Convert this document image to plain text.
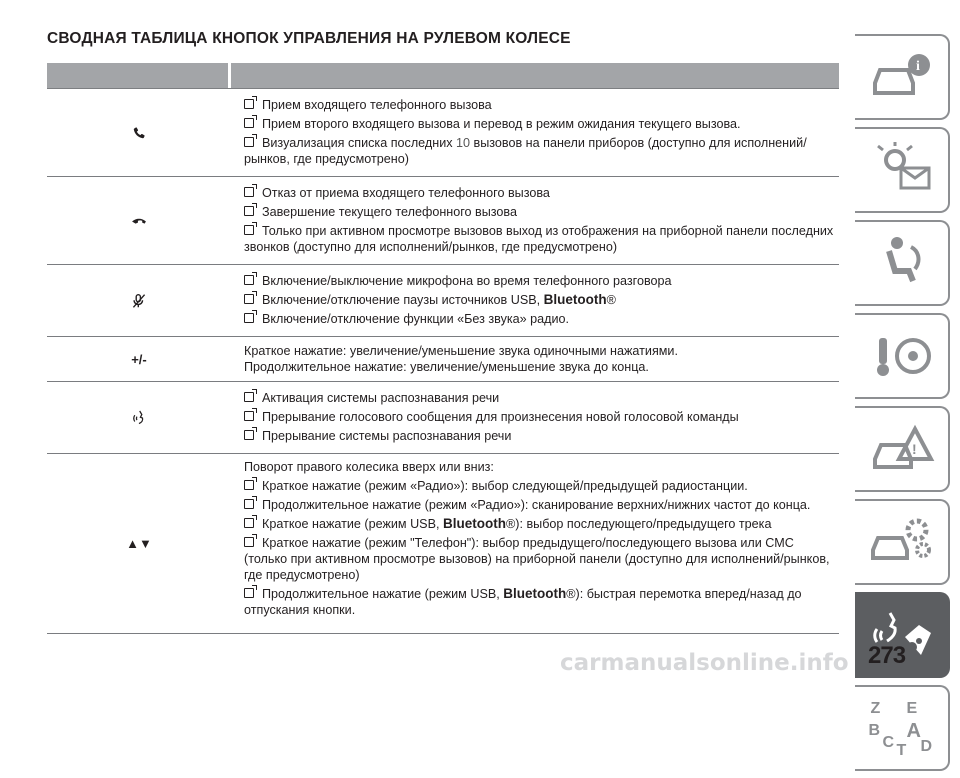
СВОДНАЯ ТАБЛИЦА КНОПОК УПРАВЛЕНИЯ НА РУЛЕВОМ КОЛЕСЕ
Прием входящего телефонного вызова
Прием второго входящего вызова и перевод в режим ожидания текущего вызова.
Визуализация списка последних 10 вызовов на панели приборов (доступно для исполнений/рынков, где предусмотрено)
Отказ от приема входящего телефонного вызова
Завершение текущего телефонного вызова
Только при активном просмотре вызовов выход из отображения на приборной панели последних звонков (доступно для исполнений/рынков, где предусмотрено)
Включение/выключение микрофона во время телефонного разговора
Включение/отключение паузы источников USB, Bluetooth®
Включение/отключение функции «Без звука» радио.
+/-
Краткое нажатие: увеличение/уменьшение звука одиночными нажатиями.
Продолжительное нажатие: увеличение/уменьшение звука до конца.
Активация системы распознавания речи
Прерывание голосового сообщения для произнесения новой голосовой команды
Прерывание системы распознавания речи
▲▼
Поворот правого колесика вверх или вниз:
Краткое нажатие (режим «Радио»): выбор следующей/предыдущей радиостанции.
Продолжительное нажатие (режим «Радио»): сканирование верхних/нижних частот до конца.
Краткое нажатие (режим USB, Bluetooth®): выбор последующего/предыдущего трека
Краткое нажатие (режим "Телефон"): выбор предыдущего/последующего вызова или СМС (только при активном просмотре вызовов) на приборной панели (доступно для исполнений/рынков, где предусмотрено)
Продолжительное нажатие (режим USB, Bluetooth®): быстрая перемотка вперед/назад до отпускания кнопки.
i
!
Z E
B A
C T D
carmanualsonline.info 273
